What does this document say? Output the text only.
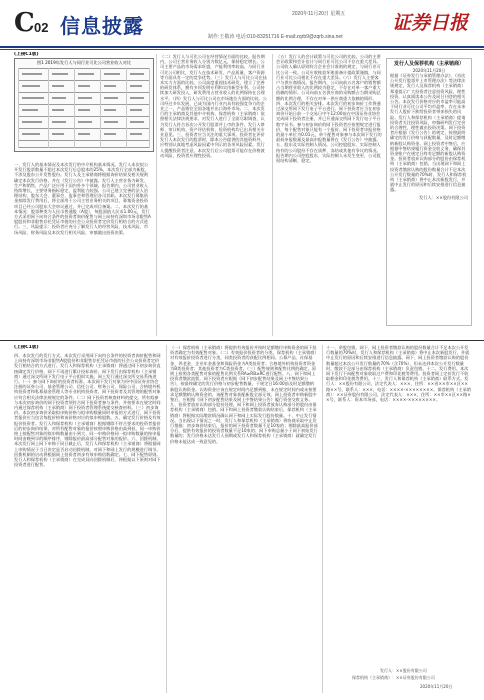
C 02 信息披露	2020年11月20日 星期五
制作:王敬涛 电话:010-83251716 E-mail:zqrb9@zqrb.sina.net
证券日报
(上接C1版)
一、发行人的基本情况及本次发行的中介机构基本情况。发行人本次拟公开发行股票数量不超过本次发行后总股本的25%，本次发行全部为新股，不涉及股东公开发售股份。发行人及主承销商将根据询价结果及相关规则确定本次发行价格，并在《发行公告》中披露。发行人主营业务为研发、生产和销售，产品广泛应用于国内外多个领域。报告期内，公司营业收入持续增长，主要财务指标稳定，盈利能力较强。公司已建立完善的法人治理结构，股东大会、董事会、监事会和管理层各司其职。本次发行募集资金扣除发行费用后，将全部用于公司主营业务相关的项目，募集资金投资项目已经公司股东大会审议通过，并已完成项目备案。二、本次发行的基本情况：股票种类为人民币普通股（A股），每股面值人民币1.00元，发行方式采用网下向符合条件的投资者询价配售与网上向持有深圳市场非限售A股股份和非限售存托凭证市值的社会公众投资者定价发行相结合的方式进行。三、风险提示：投资者应充分了解发行人的经营风险、技术风险、市场风险、财务风险及本次发行相关风险，审慎做出投资决策。
图1 2019年发行人与同行业可比公司营业收入对比
（二）发行人与可比公司在经营情况方面的比较。报告期内，公司主营业务收入分别为数亿元，保持稳定增长。公司主要产品的市场需求旺盛，产能利用率较高。与同行业可比公司相比，发行人在技术研发、产品质量、客户资源等方面具有一定的竞争优势。（三）发行人与可比公司在技术实力方面的比较。公司高度重视技术研发，建立了完善的研发体系，拥有多项发明专利和实用新型专利。公司持续加大研发投入，研发费用占营业收入的比例保持在合理水平。（四）发行人与可比公司在市场地位方面的比较。公司经过多年发展，已成为国内行业内具有较强竞争力的企业之一，产品销往全国各地并出口海外市场。二、本次发行的主承销商及其他中介机构。保荐机构（主承销商）依照相关法律法规要求，对发行人进行了全面尽职调查，认为发行人符合首次公开发行股票并上市的条件。发行人律师、审计机构、资产评估机构、验资机构均已出具相关专业意见。三、投资者应当关注的重大事项。投资者在评价发行人本次发行的股票时，除本公告提供的其他资料外，应特别认真地考虑风险因素中列示的各项风险因素。发行人提醒投资者注意，本次发行后公司股票可能存在价格波动风险，投资者应理性投资。
（五）发行人的会计政策与可比公司的比较。公司的主要会计政策和会计估计与同行业可比公司不存在重大差异。公司收入确认原则符合企业会计准则的规定，与同行业可比公司一致。公司应收账款坏账准备计提政策谨慎，与同行业可比公司相比不存在重大差异。（六）发行人主要客户与供应商情况。报告期内，公司向前五名客户的销售额占当期营业收入的比例较为稳定，不存在对单一客户重大依赖的情形。公司向前五名供应商的采购额占当期采购总额的比例合理，不存在对单一供应商重大依赖的情形。四、本次发行的相关安排。本次发行的初步询价工作将通过深交所网下发行电子平台进行。网下投资者应当在初步询价开始日前一个交易日中午12:00前在中国证券业协会完成网下投资者注册，并已开通深交所网下发行电子平台数字证书。参与初步询价的网下投资者应按照规定进行报价，每个配售对象只能有一个报价。网下投资者申报价格的最小单位为0.01元，单个配售对象参与本次网下发行的最低申报数量及最高申报数量将在《发行公告》中披露。五、股东及实际控制人情况。公司控股股东、实际控制人持有的公司股份不存在质押、冻结或其他有争议的情况。报告期内公司控股股东、实际控制人未发生变更，公司股权结构清晰、稳定。
发行人及保荐机构（主承销商）
2020年11月20日
根据《证券发行与承销管理办法》、《首次公开发行股票并上市管理办法》等法律法规规定，发行人及保荐机构（主承销商）郑重提示广大投资者注意投资风险，理性投资，认真阅读本公告及同日刊登的相关公告。本次发行价格对应的市盈率可能高于同行业可比公司平均市盈率，存在未来发行人股价下跌给投资者带来损失的风险。发行人和保荐机构（主承销商）提请投资者关注投资风险，审慎研判发行定价的合理性，理性做出投资决策。网下投资者应根据《发行公告》的规定，按照最终确定的发行价格与获配数量，及时足额缴纳新股认购资金。网上投资者中签后，应根据中签结果履行资金交收义务，确保其资金账户在规定日终有足额的新股认购资金。投资者放弃认购部分的股份由保荐机构（主承销商）包销。当出现网下和网上投资者缴款认购的股份数量合计不足本次公开发行数量的70%时，发行人和保荐机构（主承销商）将中止本次新股发行，并就中止发行的原因和后续安排进行信息披露。
发行人：××股份有限公司
(上接C1版)
四、本次发行的发行方式。本次发行采用网下向符合条件的投资者询价配售和网上向持有深圳市场非限售A股股份和非限售存托凭证市值的社会公众投资者定价发行相结合的方式进行。发行人和保荐机构（主承销商）将通过网下初步询价直接确定发行价格，网下不再进行累计投标询价。网下发行由保荐机构（主承销商）通过深交所网下发行电子平台组织实施，网上发行通过深交所交易系统进行。（一）参与网下询价的投资者标准。本次网下发行对象为经中国证券业协会注册的证券公司、基金管理公司、信托公司、财务公司、保险公司、合格境外机构投资者和私募基金管理人等专业机构投资者。网下投资者及其管理的配售对象应符合相关法律法规规定的条件。（二）网下投资者核查材料的提交。所有拟参与本次初步询价的网下投资者须符合网下投资者参与条件，并按要求在规定时间内通过保荐机构（主承销商）网下投资者管理系统提交核查材料。（三）初步询价。本次初步询价采取拟申购价格与拟申购数量同时申报的方式进行，网下投资者报价应当包含每股价格和该价格对应的拟申购股数。五、确定发行价格及有效报价投资者。发行人和保荐机构（主承销商）根据剔除不符合要求的投资者报价后的初步询价结果，对所有配售对象的报价按照申购价格由高到低、同一申购价格上按配售对象的拟申购数量由小到大、同一申购价格同一拟申购数量的按申报时间由晚到早的顺序排序，剔除报价最高部分配售对象的报价。六、回拨机制。本次发行网上网下申购于同日截止后，发行人和保荐机构（主承销商）将根据网上申购情况于当日决定是否启动回拨机制，对网下和网上发行的规模进行调节。回拨机制的启动将根据网上投资者初步有效申购倍数确定。七、网下配售原则。发行人和保荐机构（主承销商）在完成双向回拨机制后，将根据以下原则对网下投资者进行配售。
（一）保荐机构（主承销商）将提供有效报价并按时足额缴付申购资金的网下投资者确定为有效配售对象。（二）有效报价投资者的分类。保荐机构（主承销商）对有效报价投资者进行分类，同类投资者的获配比例相同。公募产品、社保基金、养老金、企业年金基金和保险资金为A类投资者；合格境外机构投资者资金为B类投资者；其他投资者为C类投资者。（三）配售规则和配售比例的确定。原则上按照各类配售对象的配售比例关系RA≥RB≥RC进行配售。八、网下和网上投资者缴款流程。网下投资者应根据《网下初步配售结果及网上中签结果公告》，按最终确定的发行价格与初步配售数量，于规定日16:00前及时足额缴纳新股认购资金。认购资金应该在规定时间内足额到账，未在规定时间内或未按要求足额缴纳认购资金的，该配售对象获配新股全部无效。网上投资者申购新股中签后，应根据《网下初步配售结果及网上中签结果公告》履行资金交收义务。九、投资者放弃认购部分股份处理。网下和网上投资者放弃认购部分的股份由保荐机构（主承销商）包销。网下和网上投资者缴款认购结束后，保荐机构（主承销商）将根据实际缴款情况确认网下和网上实际发行股份数量。十、中止发行情况。当出现以下情况之一时，发行人和保荐机构（主承销商）将协商采取中止发行措施：初步询价结束后，报价的网下投资者数量不足10家的；剔除最高报价部分后，提供有效报价的投资者数量不足10家的；网下申购总量小于网下初始发行数量的；发行价格未达发行人预期或发行人和保荐机构（主承销商）就确定发行价格未能达成一致意见的。
十一、余股包销。网下、网上投资者缴款认购的股份数量合计不足本次公开发行数量的70%时，发行人和保荐机构（主承销商）将中止本次新股发行，并就中止发行的原因和后续安排进行信息披露。网下、网上投资者缴款认购的股份数量超过本次公开发行数量的70%（含70%），但未达到本次公开发行数量时，缴款不足部分由保荐机构（主承销商）负责包销。十二、发行费用。本次网下发行不向配售对象收取过户费和印花税等费用。投资者网上定价发行不收取佣金和印花税等费用。十三、发行人和保荐机构（主承销商）联系方式。发行人：××股份有限公司，法定代表人：×××，住所：××省××市××区××路××号，联系人：×××，电话：××××-××××××××。保荐机构（主承销商）：××证券股份有限公司，法定代表人：×××，住所：××市××区××路××号，联系人：资本市场部，电话：××××-××××××××。
发行人：××股份有限公司
保荐机构（主承销商）：××证券股份有限公司
2020年11月20日
